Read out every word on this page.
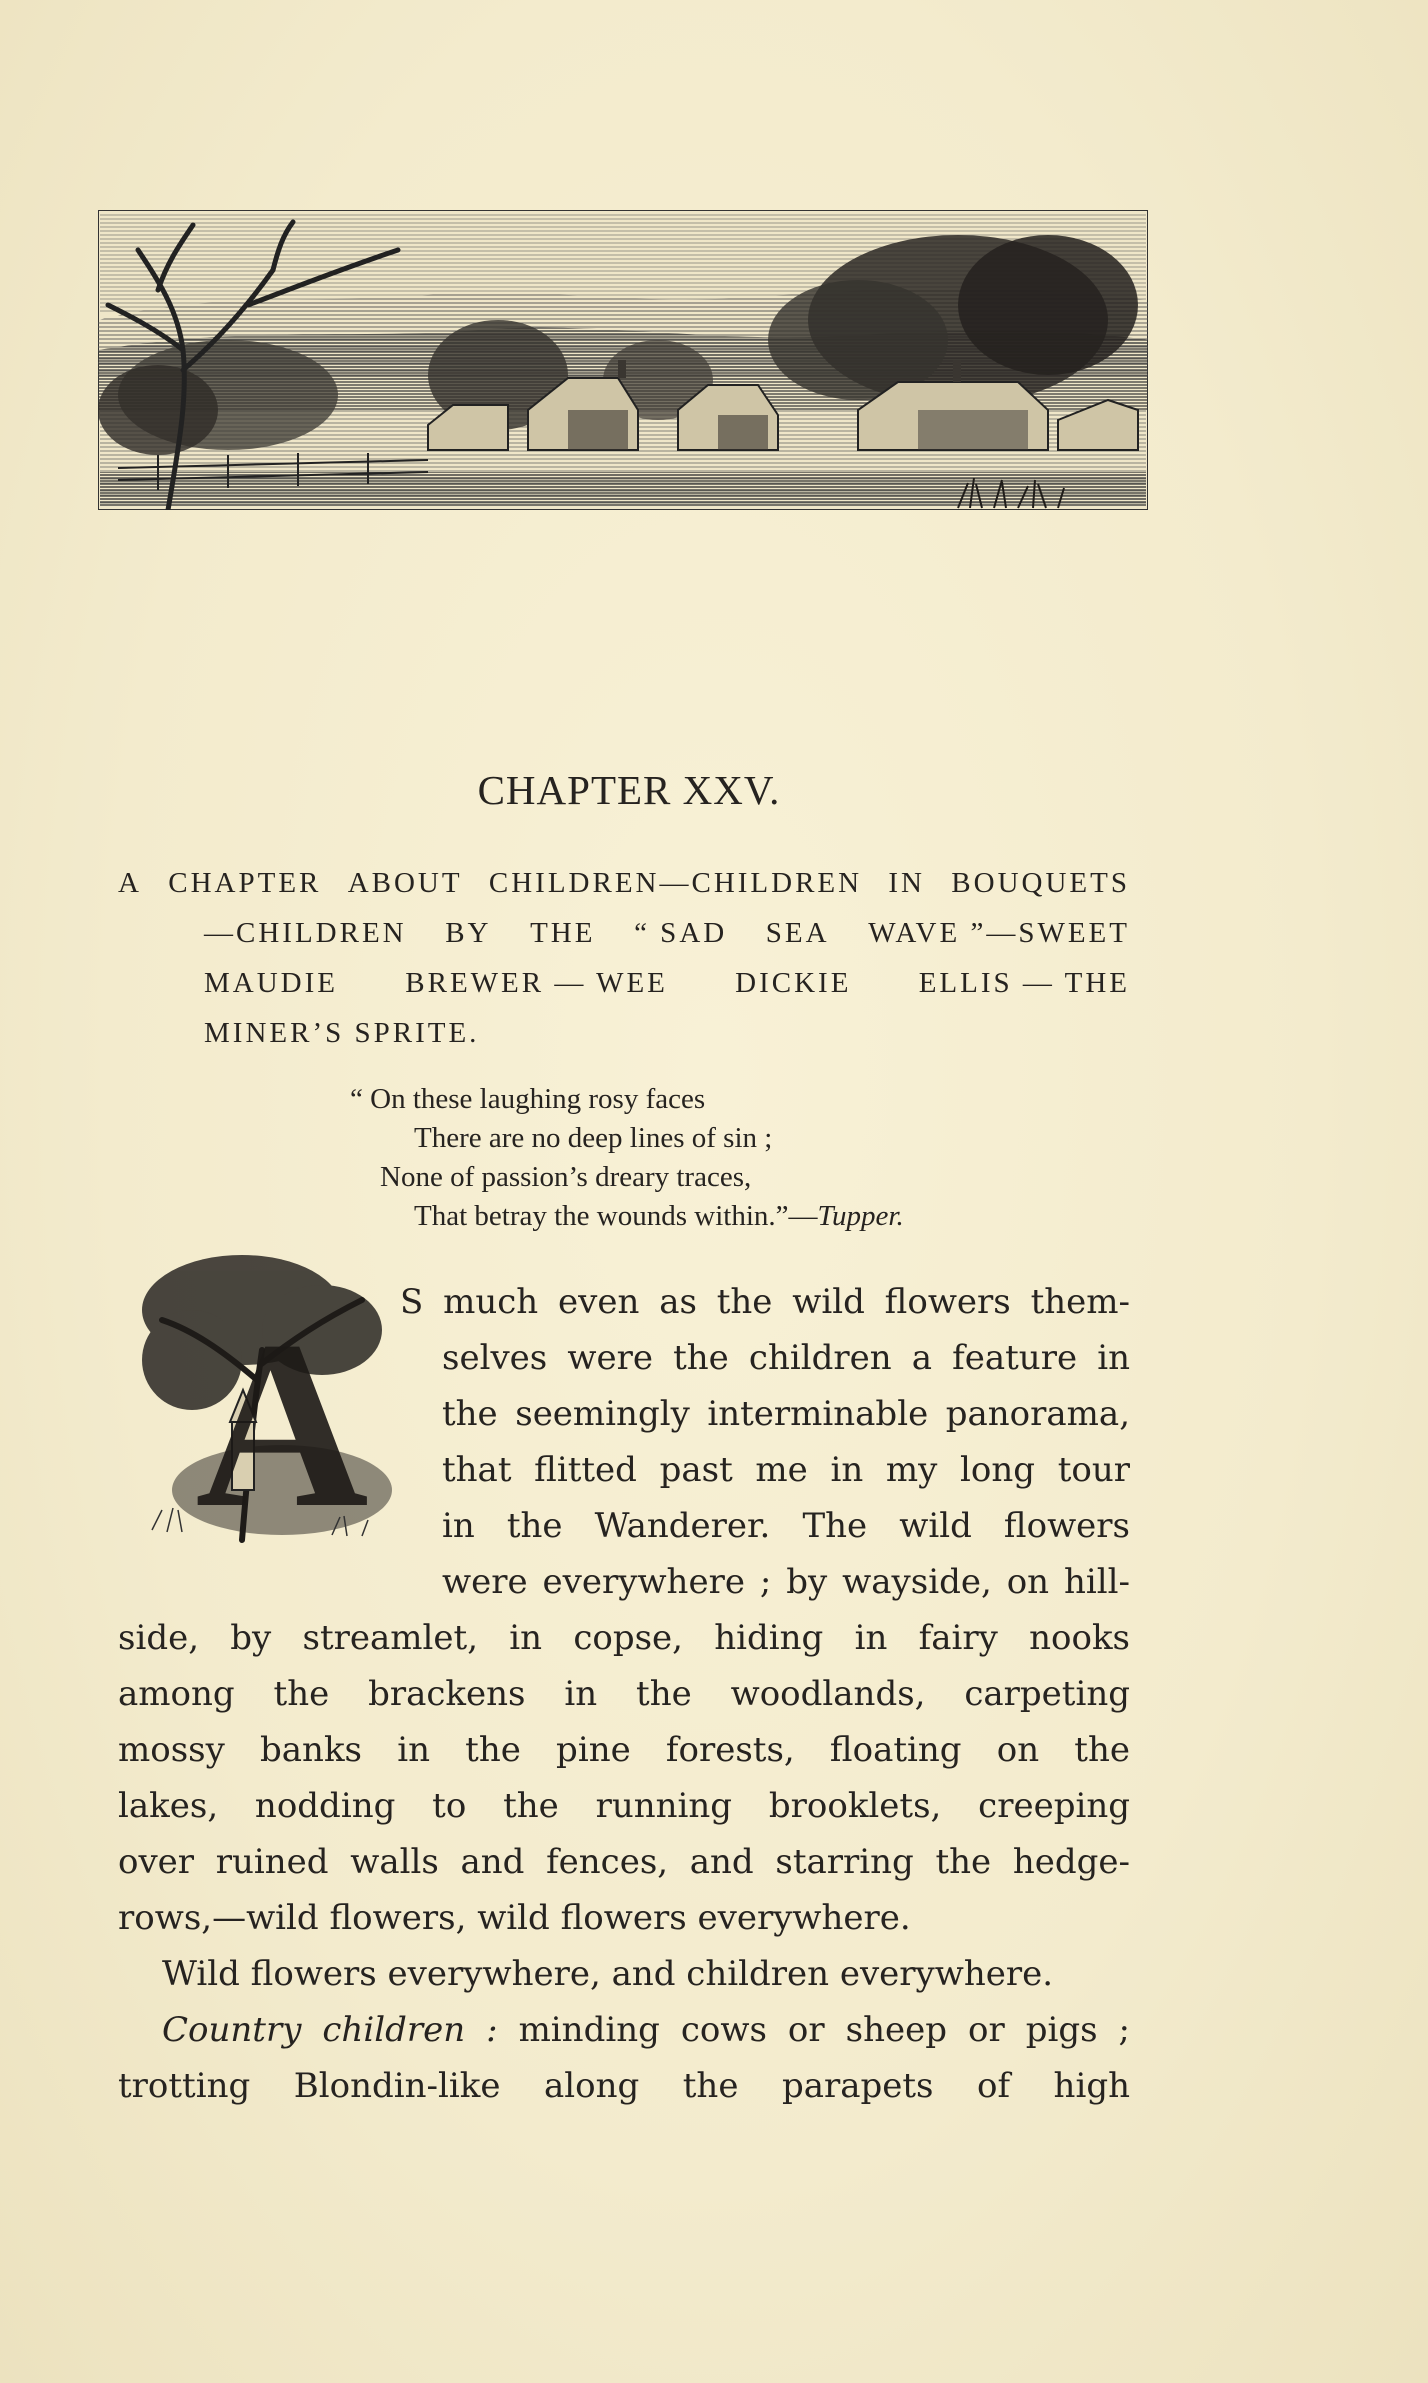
CHAPTER XXV.
A CHAPTER ABOUT CHILDREN—CHILDREN IN BOUQUETS
—CHILDREN BY THE “ SAD SEA WAVE ”—SWEET
MAUDIE BREWER — WEE DICKIE ELLIS — THE
MINER’S SPRITE.
“ On these laughing rosy faces
There are no deep lines of sin ;
None of passion’s dreary traces,
That betray the wounds within.”—Tupper.
A S much even as the wild flowers them-
selves were the children a feature in
the seemingly interminable panorama,
that flitted past me in my long tour
in the Wanderer. The wild flowers
were everywhere ; by wayside, on hill-
side, by streamlet, in copse, hiding in fairy nooks
among the brackens in the woodlands, carpeting
mossy banks in the pine forests, floating on the
lakes, nodding to the running brooklets, creeping
over ruined walls and fences, and starring the hedge-
rows,—wild flowers, wild flowers everywhere.
Wild flowers everywhere, and children everywhere.
Country children : minding cows or sheep or pigs ;
trotting Blondin-like along the parapets of high
